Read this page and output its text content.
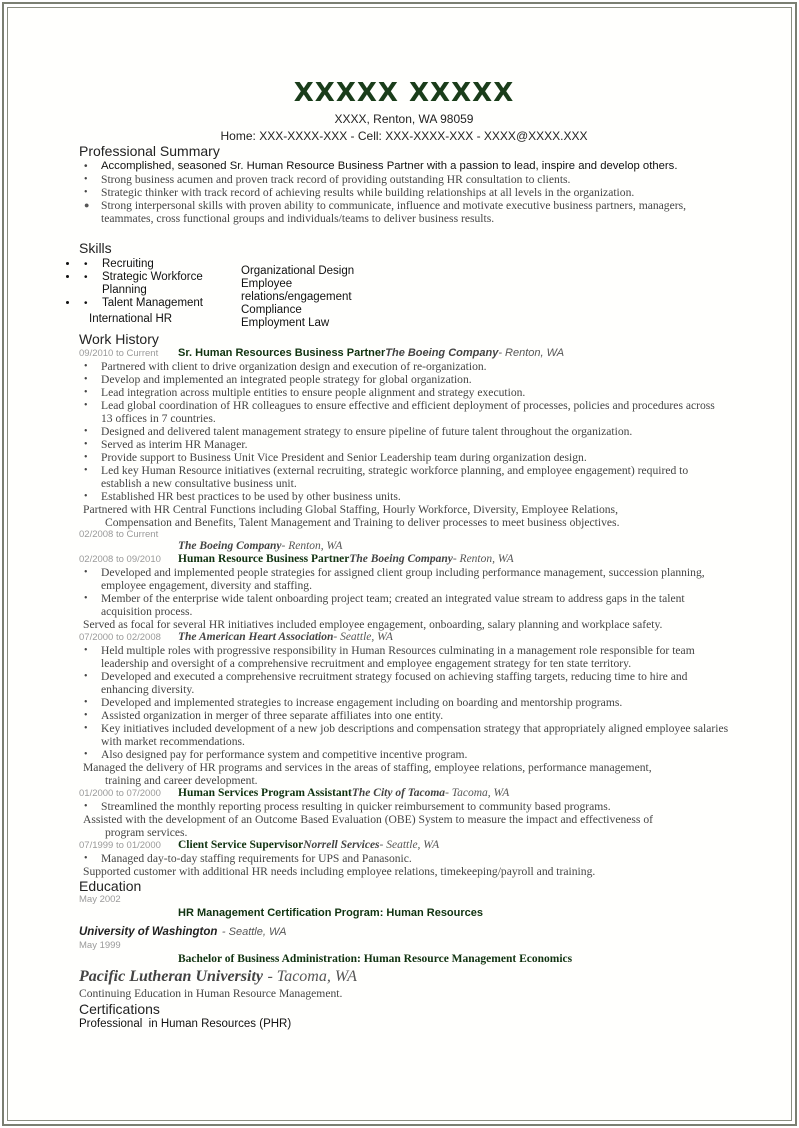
XXXXX XXXXX
XXXX, Renton, WA 98059
Home: XXX-XXXX-XXX - Cell: XXX-XXXX-XXX - XXXX@XXXX.XXX
Professional Summary
• Accomplished, seasoned Sr. Human Resource Business Partner with a passion to lead, inspire and develop others.
• Strong business acumen and proven track record of providing outstanding HR consultation to clients.
• Strategic thinker with track record of achieving results while building relationships at all levels in the organization.
● Strong interpersonal skills with proven ability to communicate, influence and motivate executive business partners, managers, teammates, cross functional groups and individuals/teams to deliver business results.
Skills
• • Recruiting
• • Strategic Workforce Planning
• • Talent Management
International HR
Organizational Design
Employee relations/engagement
Compliance
Employment Law
Work History
09/2010 to Current	Sr. Human Resources Business Partner The Boeing Company - Renton, WA
• Partnered with client to drive organization design and execution of re-organization.
• Develop and implemented an integrated people strategy for global organization.
• Lead integration across multiple entities to ensure people alignment and strategy execution.
• Lead global coordination of HR colleagues to ensure effective and efficient deployment of processes, policies and procedures across 13 offices in 7 countries.
• Designed and delivered talent management strategy to ensure pipeline of future talent throughout the organization.
• Served as interim HR Manager.
• Provide support to Business Unit Vice President and Senior Leadership team during organization design.
• Led key Human Resource initiatives (external recruiting, strategic workforce planning, and employee engagement) required to establish a new consultative business unit.
• Established HR best practices to be used by other business units.
Partnered with HR Central Functions including Global Staffing, Hourly Workforce, Diversity, Employee Relations,
Compensation and Benefits, Talent Management and Training to deliver processes to meet business objectives.
02/2008 to Current
The Boeing Company - Renton, WA
02/2008 to 09/2010	Human Resource Business Partner The Boeing Company - Renton, WA
• Developed and implemented people strategies for assigned client group including performance management, succession planning, employee engagement, diversity and staffing.
• Member of the enterprise wide talent onboarding project team; created an integrated value stream to address gaps in the talent acquisition process.
Served as focal for several HR initiatives included employee engagement, onboarding, salary planning and workplace safety.
07/2000 to 02/2008	The American Heart Association - Seattle, WA
• Held multiple roles with progressive responsibility in Human Resources culminating in a management role responsible for team leadership and oversight of a comprehensive recruitment and employee engagement strategy for ten state territory.
• Developed and executed a comprehensive recruitment strategy focused on achieving staffing targets, reducing time to hire and enhancing diversity.
• Developed and implemented strategies to increase engagement including on boarding and mentorship programs.
• Assisted organization in merger of three separate affiliates into one entity.
• Key initiatives included development of a new job descriptions and compensation strategy that appropriately aligned employee salaries with market recommendations.
• Also designed pay for performance system and competitive incentive program.
Managed the delivery of HR programs and services in the areas of staffing, employee relations, performance management,
training and career development.
01/2000 to 07/2000	Human Services Program Assistant The City of Tacoma - Tacoma, WA
• Streamlined the monthly reporting process resulting in quicker reimbursement to community based programs.
Assisted with the development of an Outcome Based Evaluation (OBE) System to measure the impact and effectiveness of
program services.
07/1999 to 01/2000	Client Service Supervisor Norrell Services - Seattle, WA
• Managed day-to-day staffing requirements for UPS and Panasonic.
Supported customer with additional HR needs including employee relations, timekeeping/payroll and training.
Education
May 2002
HR Management Certification Program: Human Resources
University of Washington - Seattle, WA
May 1999
Bachelor of Business Administration: Human Resource Management Economics
Pacific Lutheran University - Tacoma, WA
Continuing Education in Human Resource Management.
Certifications
Professional  in Human Resources (PHR)
